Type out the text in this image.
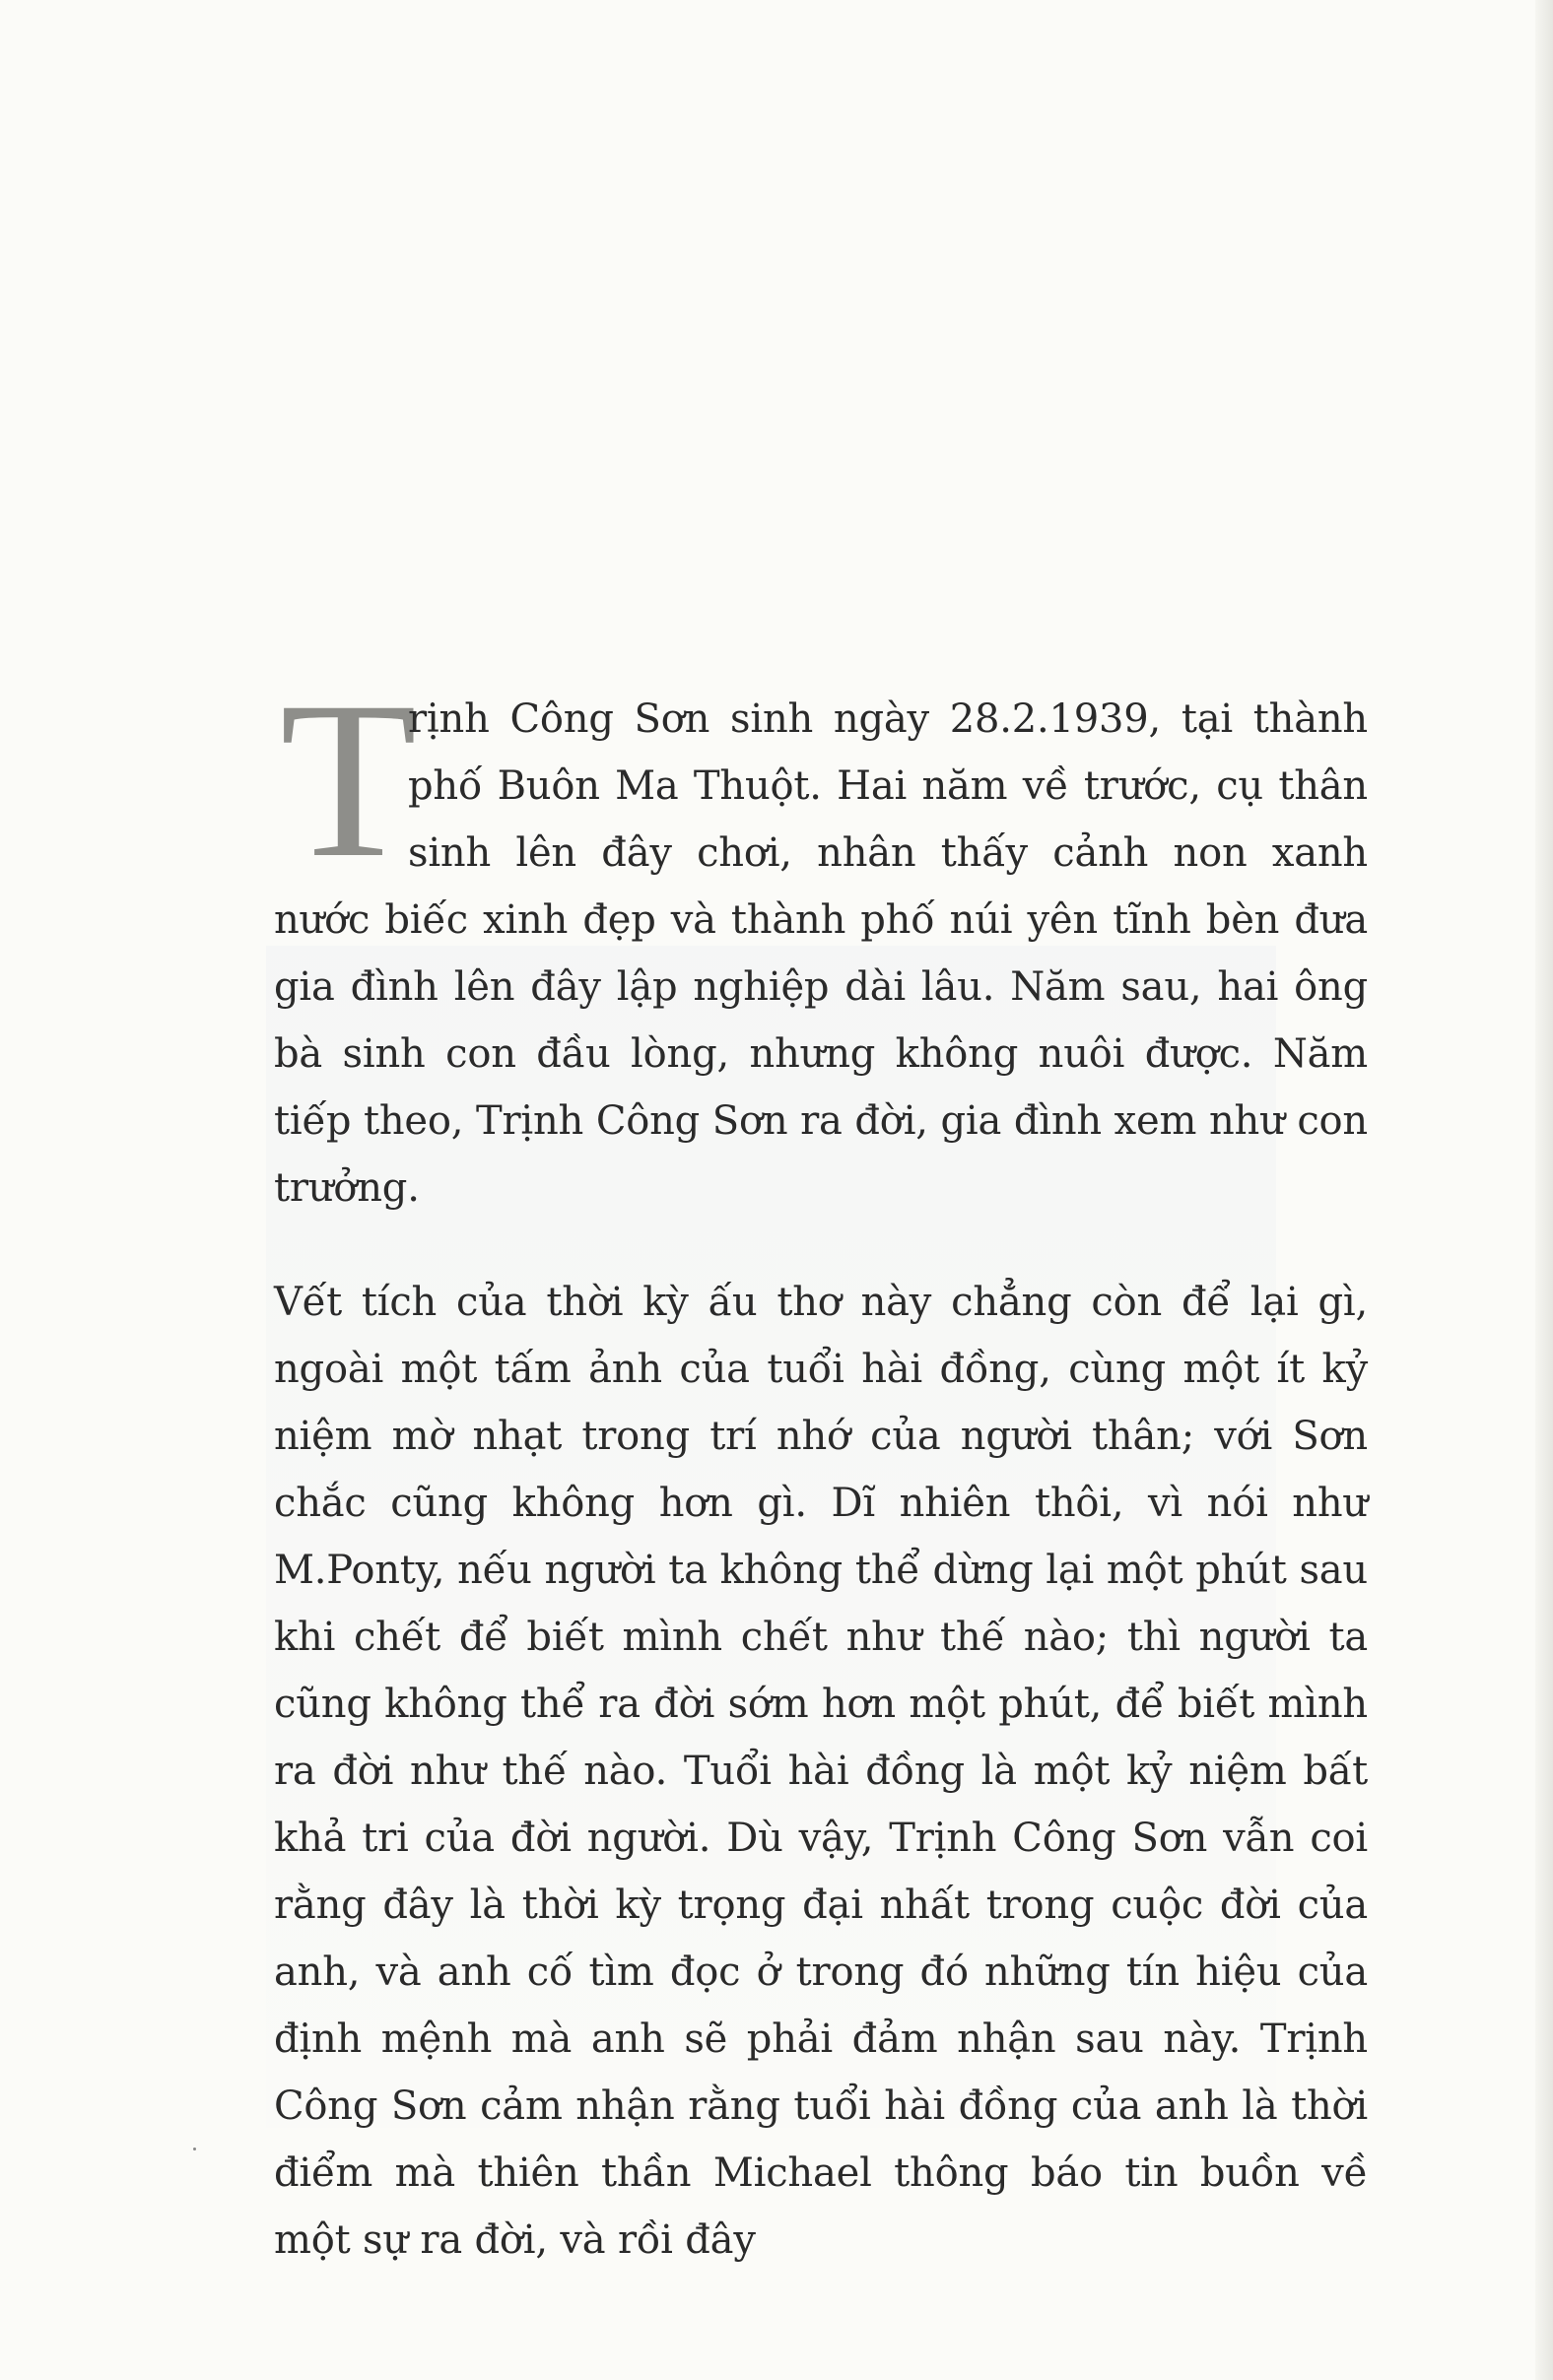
T
rịnh Công Sơn sinh ngày 28.2.1939, tại thành phố Buôn Ma Thuột. Hai năm về trước, cụ thân sinh lên đây chơi, nhân thấy cảnh non xanh nước biếc xinh đẹp và thành phố núi yên tĩnh bèn đưa gia đình lên đây lập nghiệp dài lâu. Năm sau, hai ông bà sinh con đầu lòng, nhưng không nuôi được. Năm tiếp theo, Trịnh Công Sơn ra đời, gia đình xem như con trưởng.

Vết tích của thời kỳ ấu thơ này chẳng còn để lại gì, ngoài một tấm ảnh của tuổi hài đồng, cùng một ít kỷ niệm mờ nhạt trong trí nhớ của người thân; với Sơn chắc cũng không hơn gì. Dĩ nhiên thôi, vì nói như M.Ponty, nếu người ta không thể dừng lại một phút sau khi chết để biết mình chết như thế nào; thì người ta cũng không thể ra đời sớm hơn một phút, để biết mình ra đời như thế nào. Tuổi hài đồng là một kỷ niệm bất khả tri của đời người. Dù vậy, Trịnh Công Sơn vẫn coi rằng đây là thời kỳ trọng đại nhất trong cuộc đời của anh, và anh cố tìm đọc ở trong đó những tín hiệu của định mệnh mà anh sẽ phải đảm nhận sau này. Trịnh Công Sơn cảm nhận rằng tuổi hài đồng của anh là thời điểm mà thiên thần Michael thông báo tin buồn về một sự ra đời, và rồi đây
